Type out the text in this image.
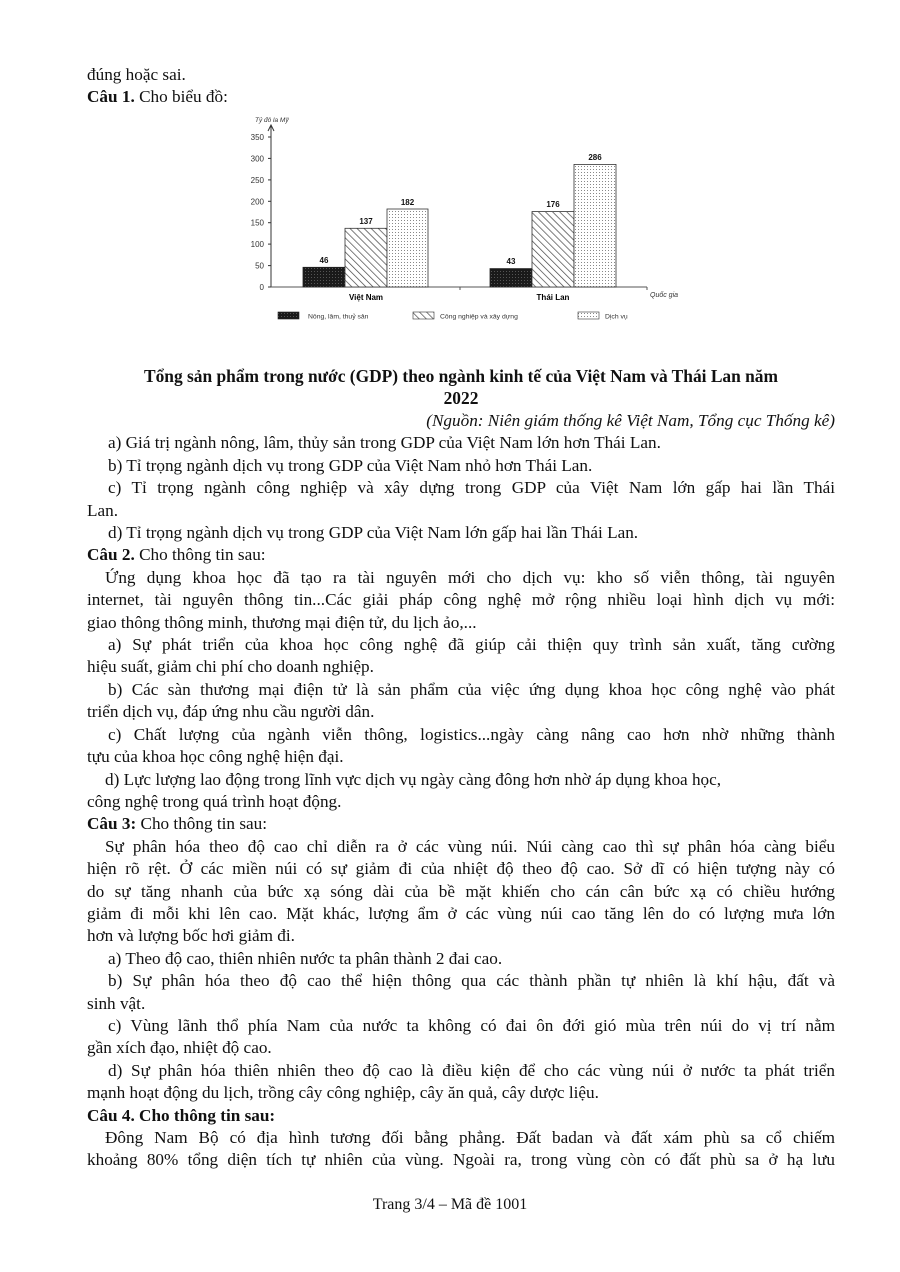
đúng hoặc sai.
Câu 1. Cho biểu đồ:
Tỷ đô la Mỹ
0
50
100
150
200
250
300
350
46
137
182
43
176
286
Việt Nam	Thái Lan	Quốc gia
Nông, lâm, thuỷ sản	Công nghiệp và xây dựng	Dịch vụ
Tổng sản phẩm trong nước (GDP) theo ngành kinh tế của Việt Nam và Thái Lan năm
2022
(Nguồn: Niên giám thống kê Việt Nam, Tổng cục Thống kê)
a) Giá trị ngành nông, lâm, thủy sản trong GDP của Việt Nam lớn hơn Thái Lan.
b) Tỉ trọng ngành dịch vụ trong GDP của Việt Nam nhỏ hơn Thái Lan.
c) Tỉ trọng ngành công nghiệp và xây dựng trong GDP của Việt Nam lớn gấp hai lần Thái
Lan.
d) Tỉ trọng ngành dịch vụ trong GDP của Việt Nam lớn gấp hai lần Thái Lan.
Câu 2. Cho thông tin sau:
Ứng dụng khoa học đã tạo ra tài nguyên mới cho dịch vụ: kho số viễn thông, tài nguyên
internet, tài nguyên thông tin...Các giải pháp công nghệ mở rộng nhiều loại hình dịch vụ mới:
giao thông thông minh, thương mại điện tử, du lịch ảo,...
a) Sự phát triển của khoa học công nghệ đã giúp cải thiện quy trình sản xuất, tăng cường
hiệu suất, giảm chi phí cho doanh nghiệp.
b) Các sàn thương mại điện tử là sản phẩm của việc ứng dụng khoa học công nghệ vào phát
triển dịch vụ, đáp ứng nhu cầu người dân.
c) Chất lượng của ngành viễn thông, logistics...ngày càng nâng cao hơn nhờ những thành
tựu của khoa học công nghệ hiện đại.
d) Lực lượng lao động trong lĩnh vực dịch vụ ngày càng đông hơn nhờ áp dụng khoa học,
công nghệ trong quá trình hoạt động.
Câu 3: Cho thông tin sau:
Sự phân hóa theo độ cao chỉ diễn ra ở các vùng núi. Núi càng cao thì sự phân hóa càng biểu
hiện rõ rệt. Ở các miền núi có sự giảm đi của nhiệt độ theo độ cao. Sở dĩ có hiện tượng này có
do sự tăng nhanh của bức xạ sóng dài của bề mặt khiến cho cán cân bức xạ có chiều hướng
giảm đi mỗi khi lên cao. Mặt khác, lượng ẩm ở các vùng núi cao tăng lên do có lượng mưa lớn
hơn và lượng bốc hơi giảm đi.
a) Theo độ cao, thiên nhiên nước ta phân thành 2 đai cao.
b) Sự phân hóa theo độ cao thể hiện thông qua các thành phần tự nhiên là khí hậu, đất và
sinh vật.
c) Vùng lãnh thổ phía Nam của nước ta không có đai ôn đới gió mùa trên núi do vị trí nằm
gần xích đạo, nhiệt độ cao.
d) Sự phân hóa thiên nhiên theo độ cao là điều kiện để cho các vùng núi ở nước ta phát triển
mạnh hoạt động du lịch, trồng cây công nghiệp, cây ăn quả, cây dược liệu.
Câu 4. Cho thông tin sau:
Đông Nam Bộ có địa hình tương đối bằng phẳng. Đất badan và đất xám phù sa cổ chiếm
khoảng 80% tổng diện tích tự nhiên của vùng. Ngoài ra, trong vùng còn có đất phù sa ở hạ lưu
Trang 3/4 – Mã đề 1001
